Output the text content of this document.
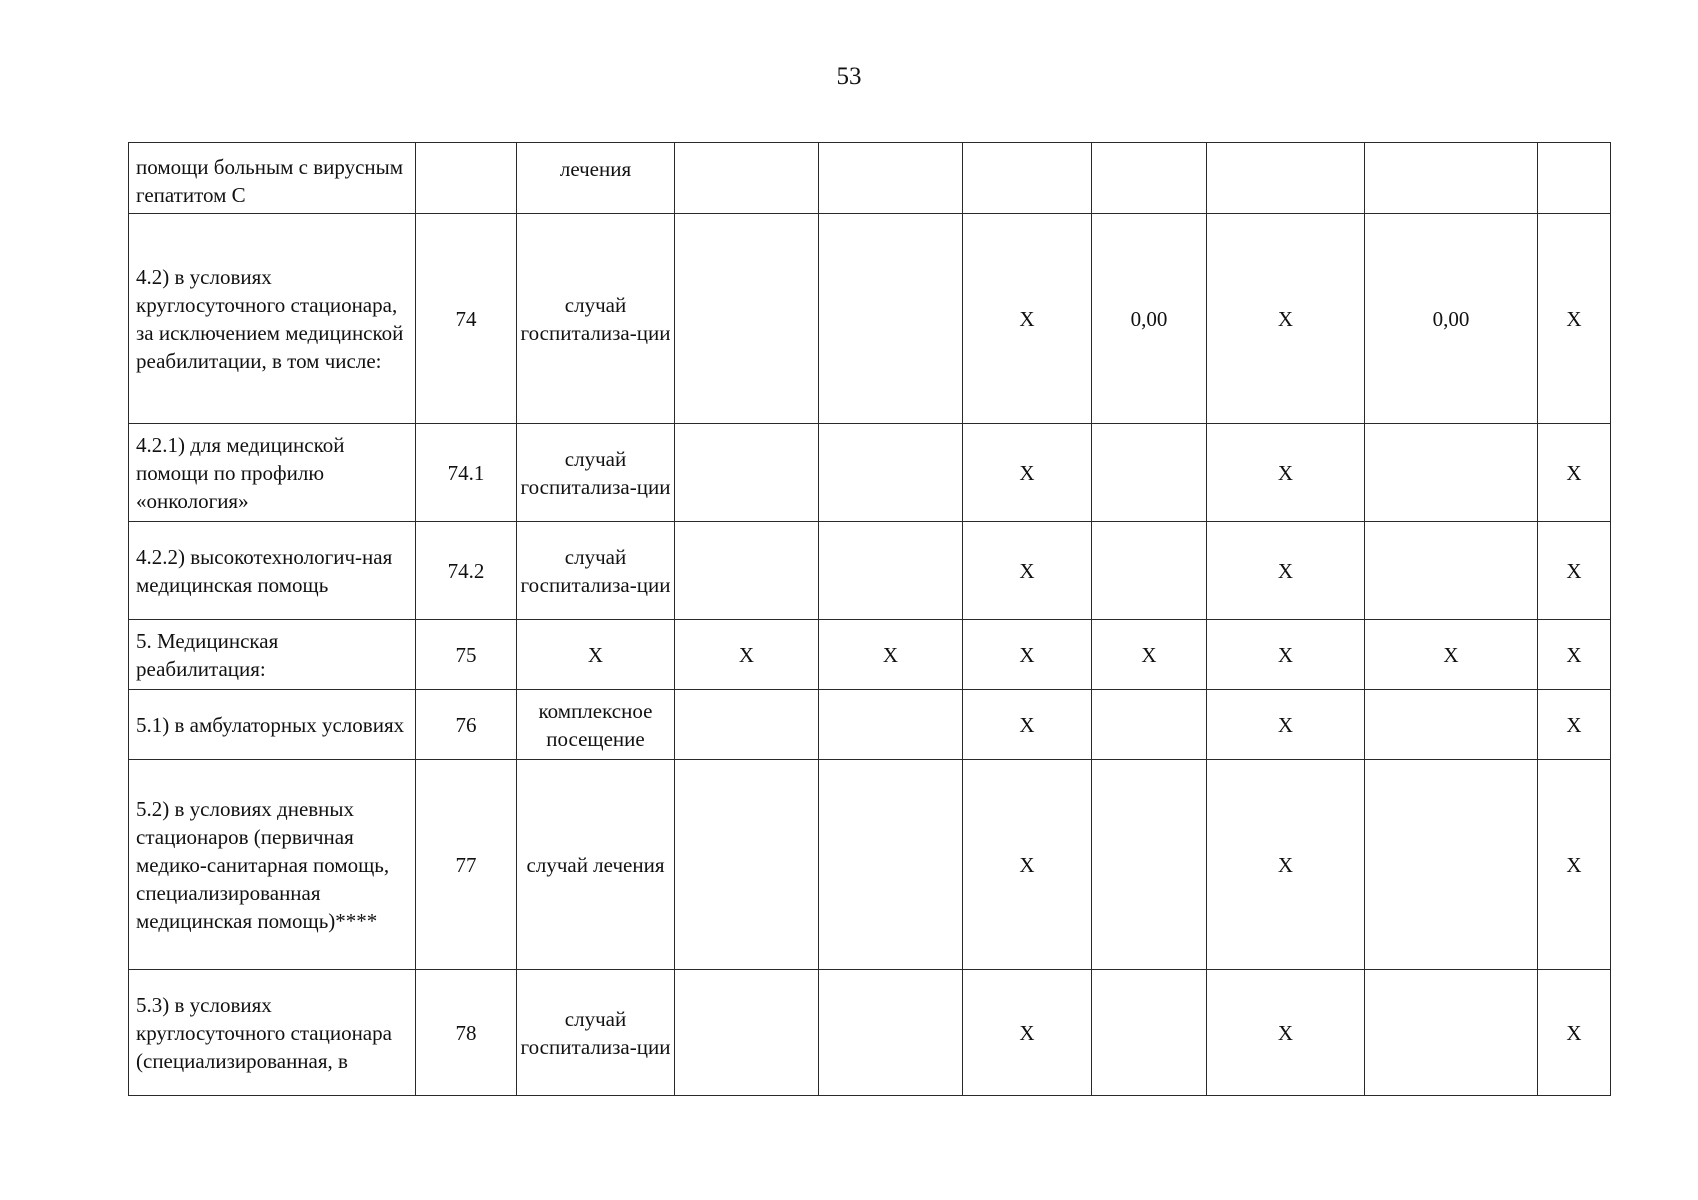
53
помощи больным с вирусным гепатитом С		лечения							
4.2) в условиях круглосуточного стационара, за исключением медицинской реабилитации, в том числе:	74	случай госпитализа-ции			X	0,00	X	0,00	X
4.2.1) для медицинской помощи по профилю «онкология»	74.1	случай госпитализа-ции			X		X		X
4.2.2) высокотехнологич-ная медицинская помощь	74.2	случай госпитализа-ции			X		X		X
5. Медицинская реабилитация:	75	X	X	X	X	X	X	X	X
5.1) в амбулаторных условиях	76	комплексное посещение			X		X		X
5.2) в условиях дневных стационаров (первичная медико-санитарная помощь, специализированная медицинская помощь)****	77	случай лечения			X		X		X
5.3) в условиях круглосуточного стационара (специализированная, в	78	случай госпитализа-ции			X		X		X
